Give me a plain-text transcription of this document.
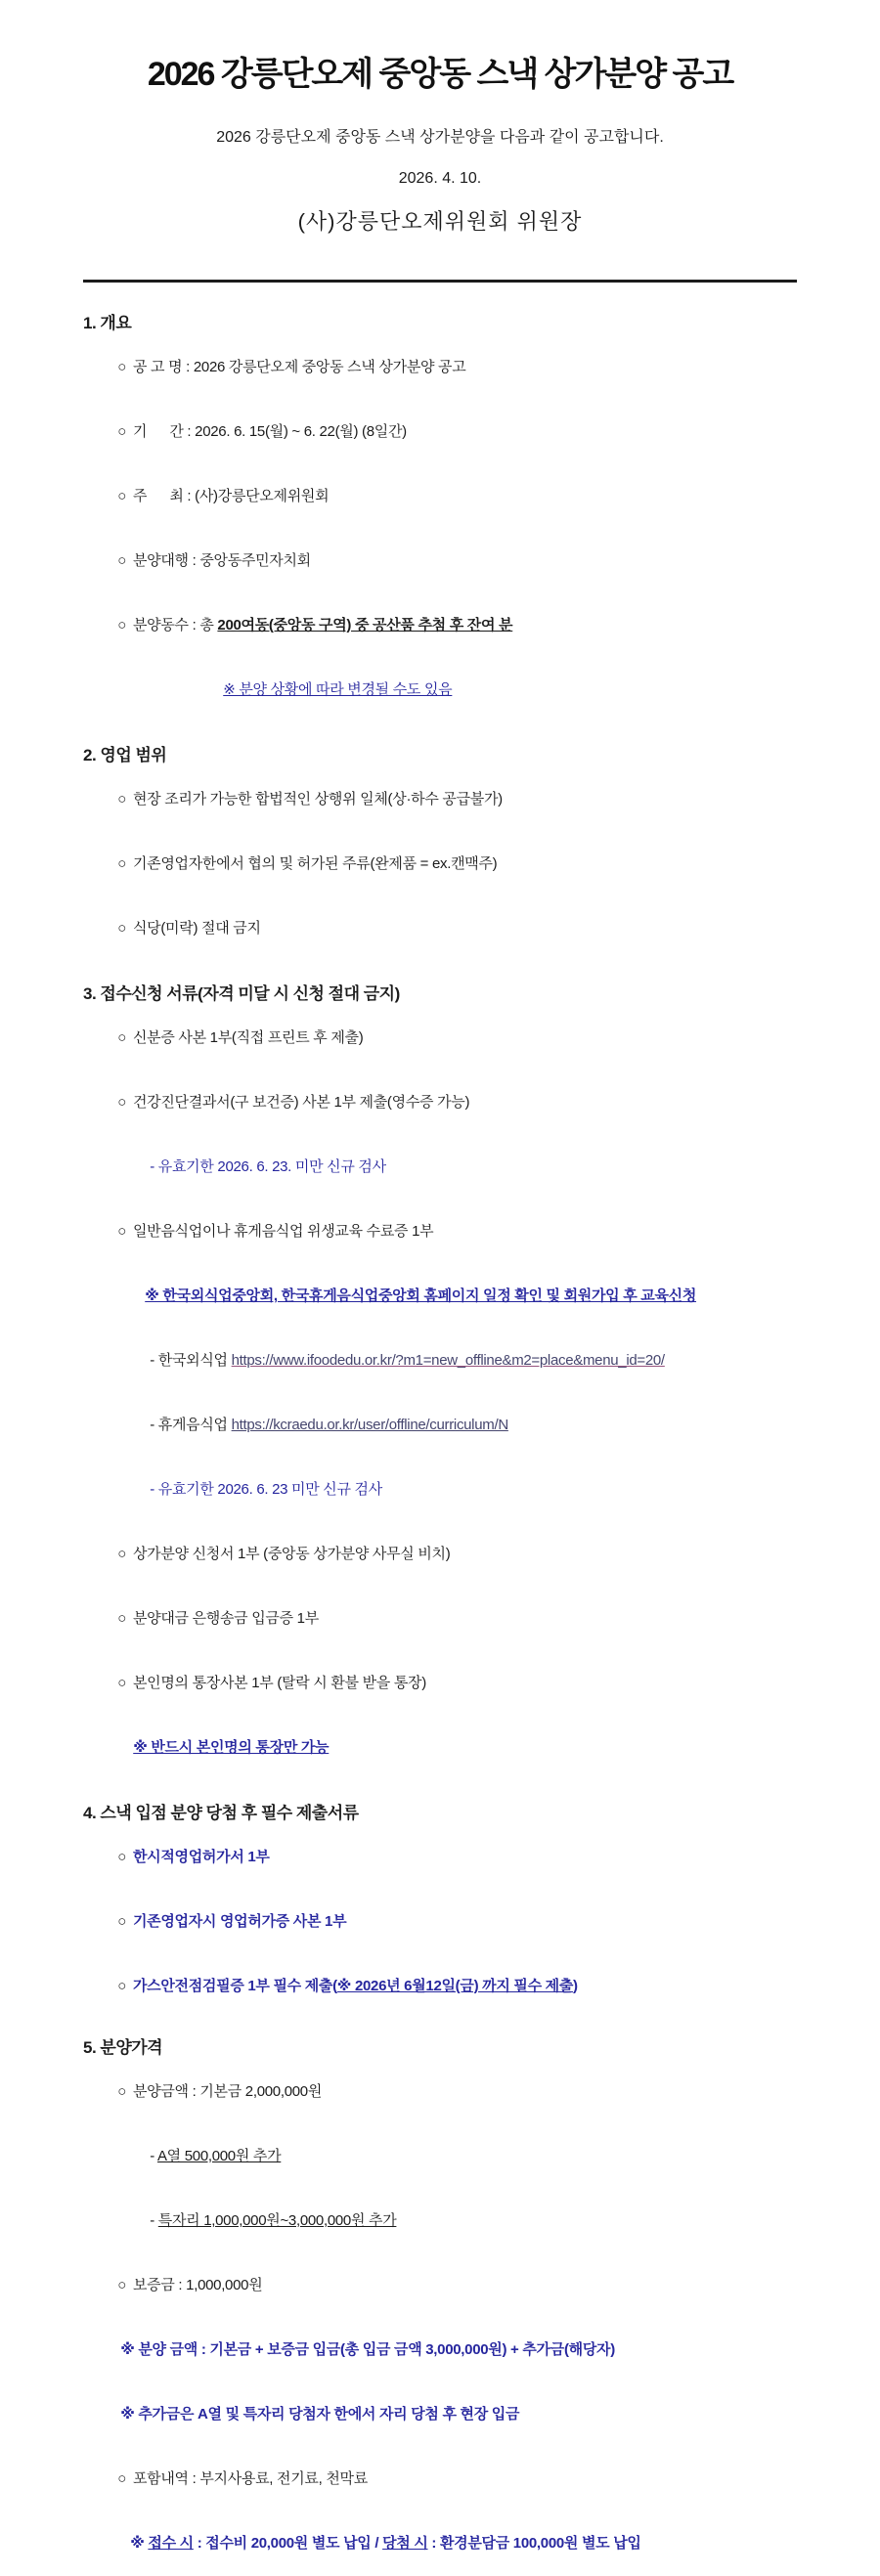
2026 강릉단오제 중앙동 스낵 상가분양 공고
2026 강릉단오제 중앙동 스낵 상가분양을 다음과 같이 공고합니다.
2026. 4. 10.
(사)강릉단오제위원회 위원장
1. 개요

○ 공 고 명 : 2026 강릉단오제 중앙동 스낵 상가분양 공고

○ 기      간 : 2026. 6. 15(월) ~ 6. 22(월) (8일간)

○ 주      최 : (사)강릉단오제위원회

○ 분양대행 : 중앙동주민자치회

○ 분양동수 : 총 200여동(중앙동 구역) 중 공산품 추첨 후 잔여 분

※ 분양 상황에 따라 변경될 수도 있음

2. 영업 범위

○ 현장 조리가 가능한 합법적인 상행위 일체(상·하수 공급불가)

○ 기존영업자한에서 협의 및 허가된 주류(완제품 = ex.캔맥주)

○ 식당(미락) 절대 금지

3. 접수신청 서류(자격 미달 시 신청 절대 금지)

○ 신분증 사본 1부(직접 프린트 후 제출)

○ 건강진단결과서(구 보건증) 사본 1부 제출(영수증 가능)

- 유효기한 2026. 6. 23. 미만 신규 검사

○ 일반음식업이나 휴게음식업 위생교육 수료증 1부

※ 한국외식업중앙회, 한국휴게음식업중앙회 홈페이지 일정 확인 및 회원가입 후 교육신청

- 한국외식업 https://www.ifoodedu.or.kr/?m1=new_offline&m2=place&menu_id=20/

- 휴게음식업 https://kcraedu.or.kr/user/offline/curriculum/N

- 유효기한 2026. 6. 23 미만 신규 검사

○ 상가분양 신청서 1부 (중앙동 상가분양 사무실 비치)

○ 분양대금 은행송금 입금증 1부

○ 본인명의 통장사본 1부 (탈락 시 환불 받을 통장)

※ 반드시 본인명의 통장만 가능

4. 스낵 입점 분양 당첨 후 필수 제출서류

○ 한시적영업허가서 1부

○ 기존영업자시 영업허가증 사본 1부

○ 가스안전점검필증 1부 필수 제출(※ 2026년 6월12일(금) 까지 필수 제출)

5. 분양가격

○ 분양금액 : 기본금 2,000,000원

- A열 500,000원 추가

- 특자리 1,000,000원~3,000,000원 추가

○ 보증금 : 1,000,000원

※ 분양 금액 : 기본금 + 보증금 입금(총 입금 금액 3,000,000원) + 추가금(해당자)

※ 추가금은 A열 및 특자리 당첨자 한에서 자리 당첨 후 현장 입금

○ 포함내역 : 부지사용료, 전기료, 천막료

※ 접수 시 : 접수비 20,000원 별도 납입 / 당첨 시 : 환경분담금 100,000원 별도 납입
